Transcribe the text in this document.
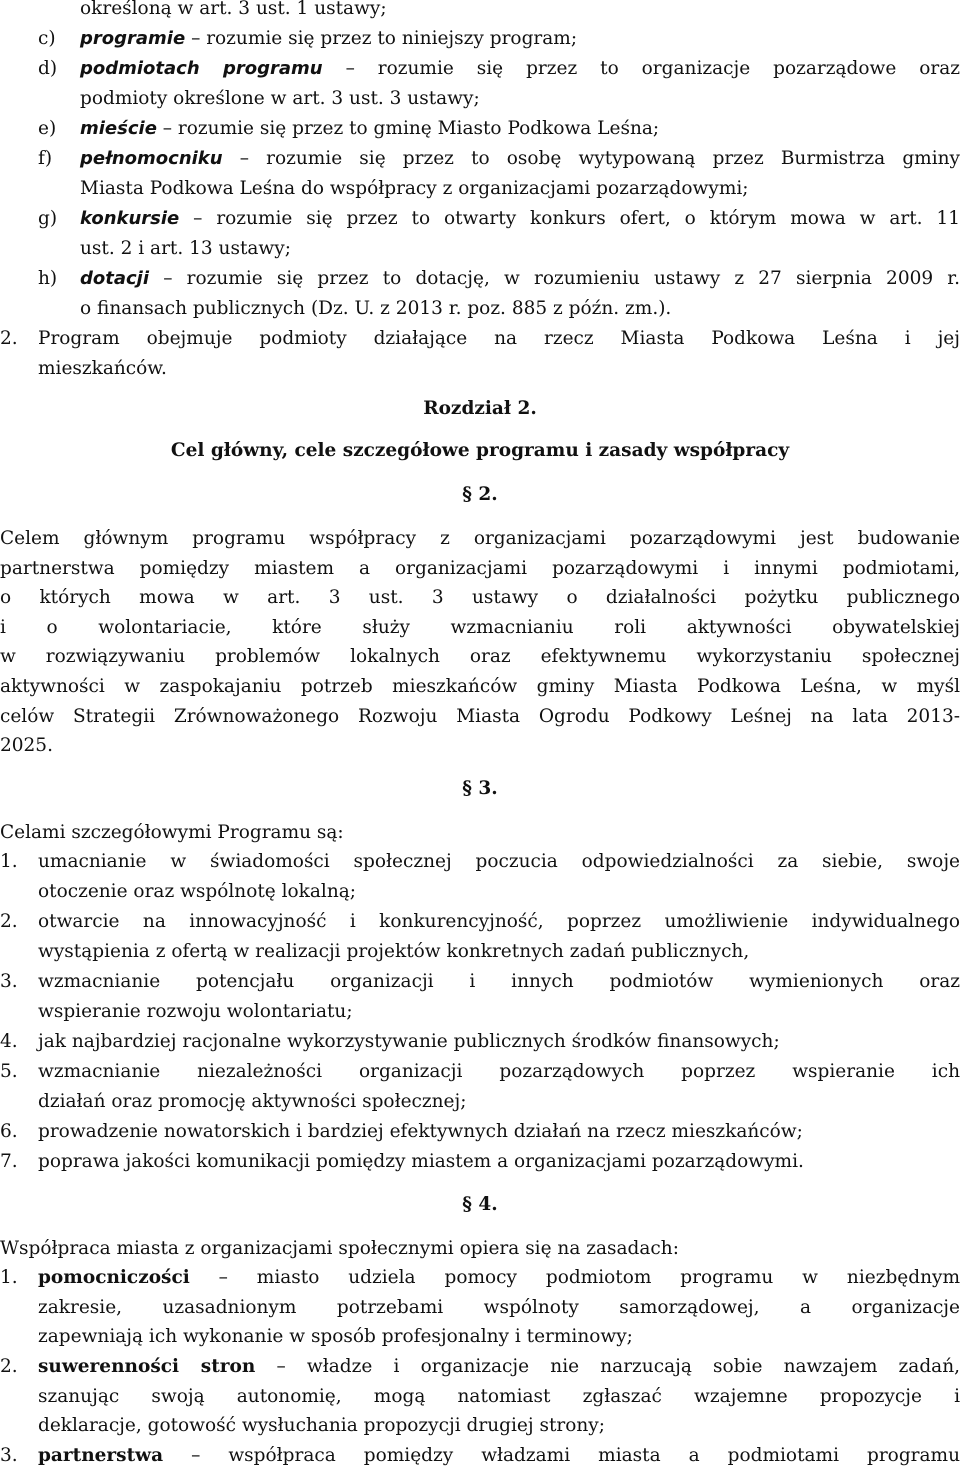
określoną w art. 3 ust. 1 ustawy;
c) programie – rozumie się przez to niniejszy program;
d) podmiotach programu – rozumie się przez to organizacje pozarządowe oraz
podmioty określone w art. 3 ust. 3 ustawy;
e) mieście – rozumie się przez to gminę Miasto Podkowa Leśna;
f) pełnomocniku – rozumie się przez to osobę wytypowaną przez Burmistrza gminy
Miasta Podkowa Leśna do współpracy z organizacjami pozarządowymi;
g) konkursie – rozumie się przez to otwarty konkurs ofert, o którym mowa w art. 11
ust. 2 i art. 13 ustawy;
h) dotacji – rozumie się przez to dotację, w rozumieniu ustawy z 27 sierpnia 2009 r.
o finansach publicznych (Dz. U. z 2013 r. poz. 885 z późn. zm.).
2. Program obejmuje podmioty działające na rzecz Miasta Podkowa Leśna i jej
mieszkańców.
Rozdział 2.
Cel główny, cele szczegółowe programu i zasady współpracy
§ 2.
Celem głównym programu współpracy z organizacjami pozarządowymi jest budowanie
partnerstwa pomiędzy miastem a organizacjami pozarządowymi i innymi podmiotami,
o których mowa w art. 3 ust. 3 ustawy o działalności pożytku publicznego
i o wolontariacie, które służy wzmacnianiu roli aktywności obywatelskiej
w rozwiązywaniu problemów lokalnych oraz efektywnemu wykorzystaniu społecznej
aktywności w zaspokajaniu potrzeb mieszkańców gminy Miasta Podkowa Leśna, w myśl
celów Strategii Zrównoważonego Rozwoju Miasta Ogrodu Podkowy Leśnej na lata 2013-
2025.
§ 3.
Celami szczegółowymi Programu są:
1. umacnianie w świadomości społecznej poczucia odpowiedzialności za siebie, swoje
otoczenie oraz wspólnotę lokalną;
2. otwarcie na innowacyjność i konkurencyjność, poprzez umożliwienie indywidualnego
wystąpienia z ofertą w realizacji projektów konkretnych zadań publicznych,
3. wzmacnianie potencjału organizacji i innych podmiotów wymienionych oraz
wspieranie rozwoju wolontariatu;
4. jak najbardziej racjonalne wykorzystywanie publicznych środków finansowych;
5. wzmacnianie niezależności organizacji pozarządowych poprzez wspieranie ich
działań oraz promocję aktywności społecznej;
6. prowadzenie nowatorskich i bardziej efektywnych działań na rzecz mieszkańców;
7. poprawa jakości komunikacji pomiędzy miastem a organizacjami pozarządowymi.
§ 4.
Współpraca miasta z organizacjami społecznymi opiera się na zasadach:
1. pomocniczości – miasto udziela pomocy podmiotom programu w niezbędnym
zakresie, uzasadnionym potrzebami wspólnoty samorządowej, a organizacje
zapewniają ich wykonanie w sposób profesjonalny i terminowy;
2. suwerenności stron – władze i organizacje nie narzucają sobie nawzajem zadań,
szanując swoją autonomię, mogą natomiast zgłaszać wzajemne propozycje i
deklaracje, gotowość wysłuchania propozycji drugiej strony;
3. partnerstwa – współpraca pomiędzy władzami miasta a podmiotami programu
